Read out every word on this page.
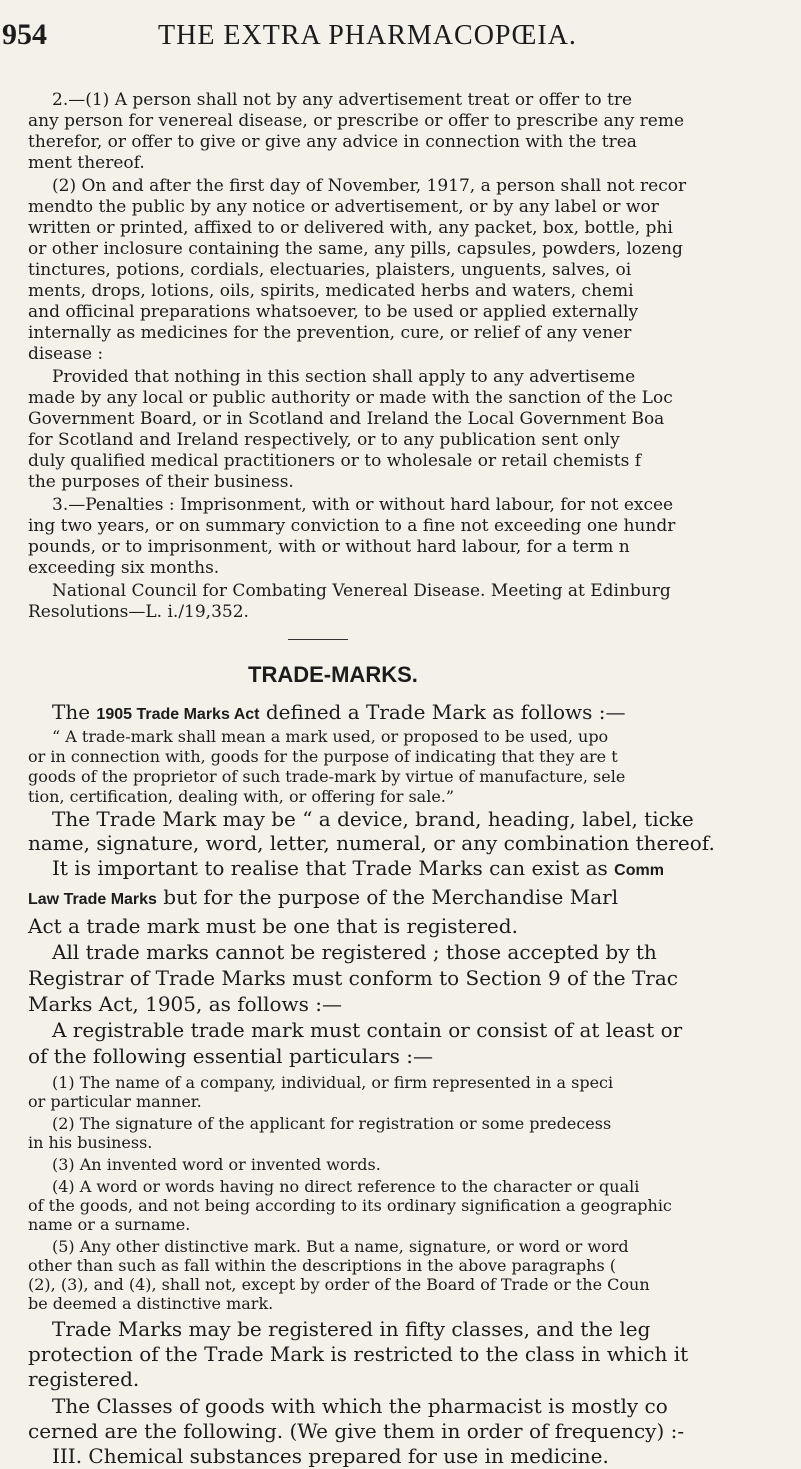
954	THE EXTRA PHARMACOPŒIA.
2.—(1) A person shall not by any advertisement treat or offer to tre
any person for venereal disease, or prescribe or offer to prescribe any reme
therefor, or offer to give or give any advice in connection with the trea
ment thereof.
(2) On and after the first day of November, 1917, a person shall not recor
mendto the public by any notice or advertisement, or by any label or wor
written or printed, affixed to or delivered with, any packet, box, bottle, phi
or other inclosure containing the same, any pills, capsules, powders, lozeng
tinctures, potions, cordials, electuaries, plaisters, unguents, salves, oi
ments, drops, lotions, oils, spirits, medicated herbs and waters, chemi
and officinal preparations whatsoever, to be used or applied externally
internally as medicines for the prevention, cure, or relief of any vener
disease :
Provided that nothing in this section shall apply to any advertiseme
made by any local or public authority or made with the sanction of the Loc
Government Board, or in Scotland and Ireland the Local Government Boa
for Scotland and Ireland respectively, or to any publication sent only
duly qualified medical practitioners or to wholesale or retail chemists f
the purposes of their business.
3.—Penalties : Imprisonment, with or without hard labour, for not excee
ing two years, or on summary conviction to a fine not exceeding one hundr
pounds, or to imprisonment, with or without hard labour, for a term n
exceeding six months.
National Council for Combating Venereal Disease. Meeting at Edinburg
Resolutions—L. i./19,352.
TRADE-MARKS.
The 1905 Trade Marks Act defined a Trade Mark as follows :—
“ A trade-mark shall mean a mark used, or proposed to be used, upo
or in connection with, goods for the purpose of indicating that they are t
goods of the proprietor of such trade-mark by virtue of manufacture, sele
tion, certification, dealing with, or offering for sale.”
The Trade Mark may be “ a device, brand, heading, label, ticke
name, signature, word, letter, numeral, or any combination thereof.
It is important to realise that Trade Marks can exist as Comm
Law Trade Marks but for the purpose of the Merchandise Marl
Act a trade mark must be one that is registered.
All trade marks cannot be registered ; those accepted by th
Registrar of Trade Marks must conform to Section 9 of the Trac
Marks Act, 1905, as follows :—
A registrable trade mark must contain or consist of at least or
of the following essential particulars :—
(1) The name of a company, individual, or firm represented in a speci
or particular manner.
(2) The signature of the applicant for registration or some predecess
in his business.
(3) An invented word or invented words.
(4) A word or words having no direct reference to the character or quali
of the goods, and not being according to its ordinary signification a geographic
name or a surname.
(5) Any other distinctive mark. But a name, signature, or word or word
other than such as fall within the descriptions in the above paragraphs (
(2), (3), and (4), shall not, except by order of the Board of Trade or the Coun
be deemed a distinctive mark.
Trade Marks may be registered in fifty classes, and the leg
protection of the Trade Mark is restricted to the class in which it
registered.
The Classes of goods with which the pharmacist is mostly co
cerned are the following. (We give them in order of frequency) :-
III. Chemical substances prepared for use in medicine.
